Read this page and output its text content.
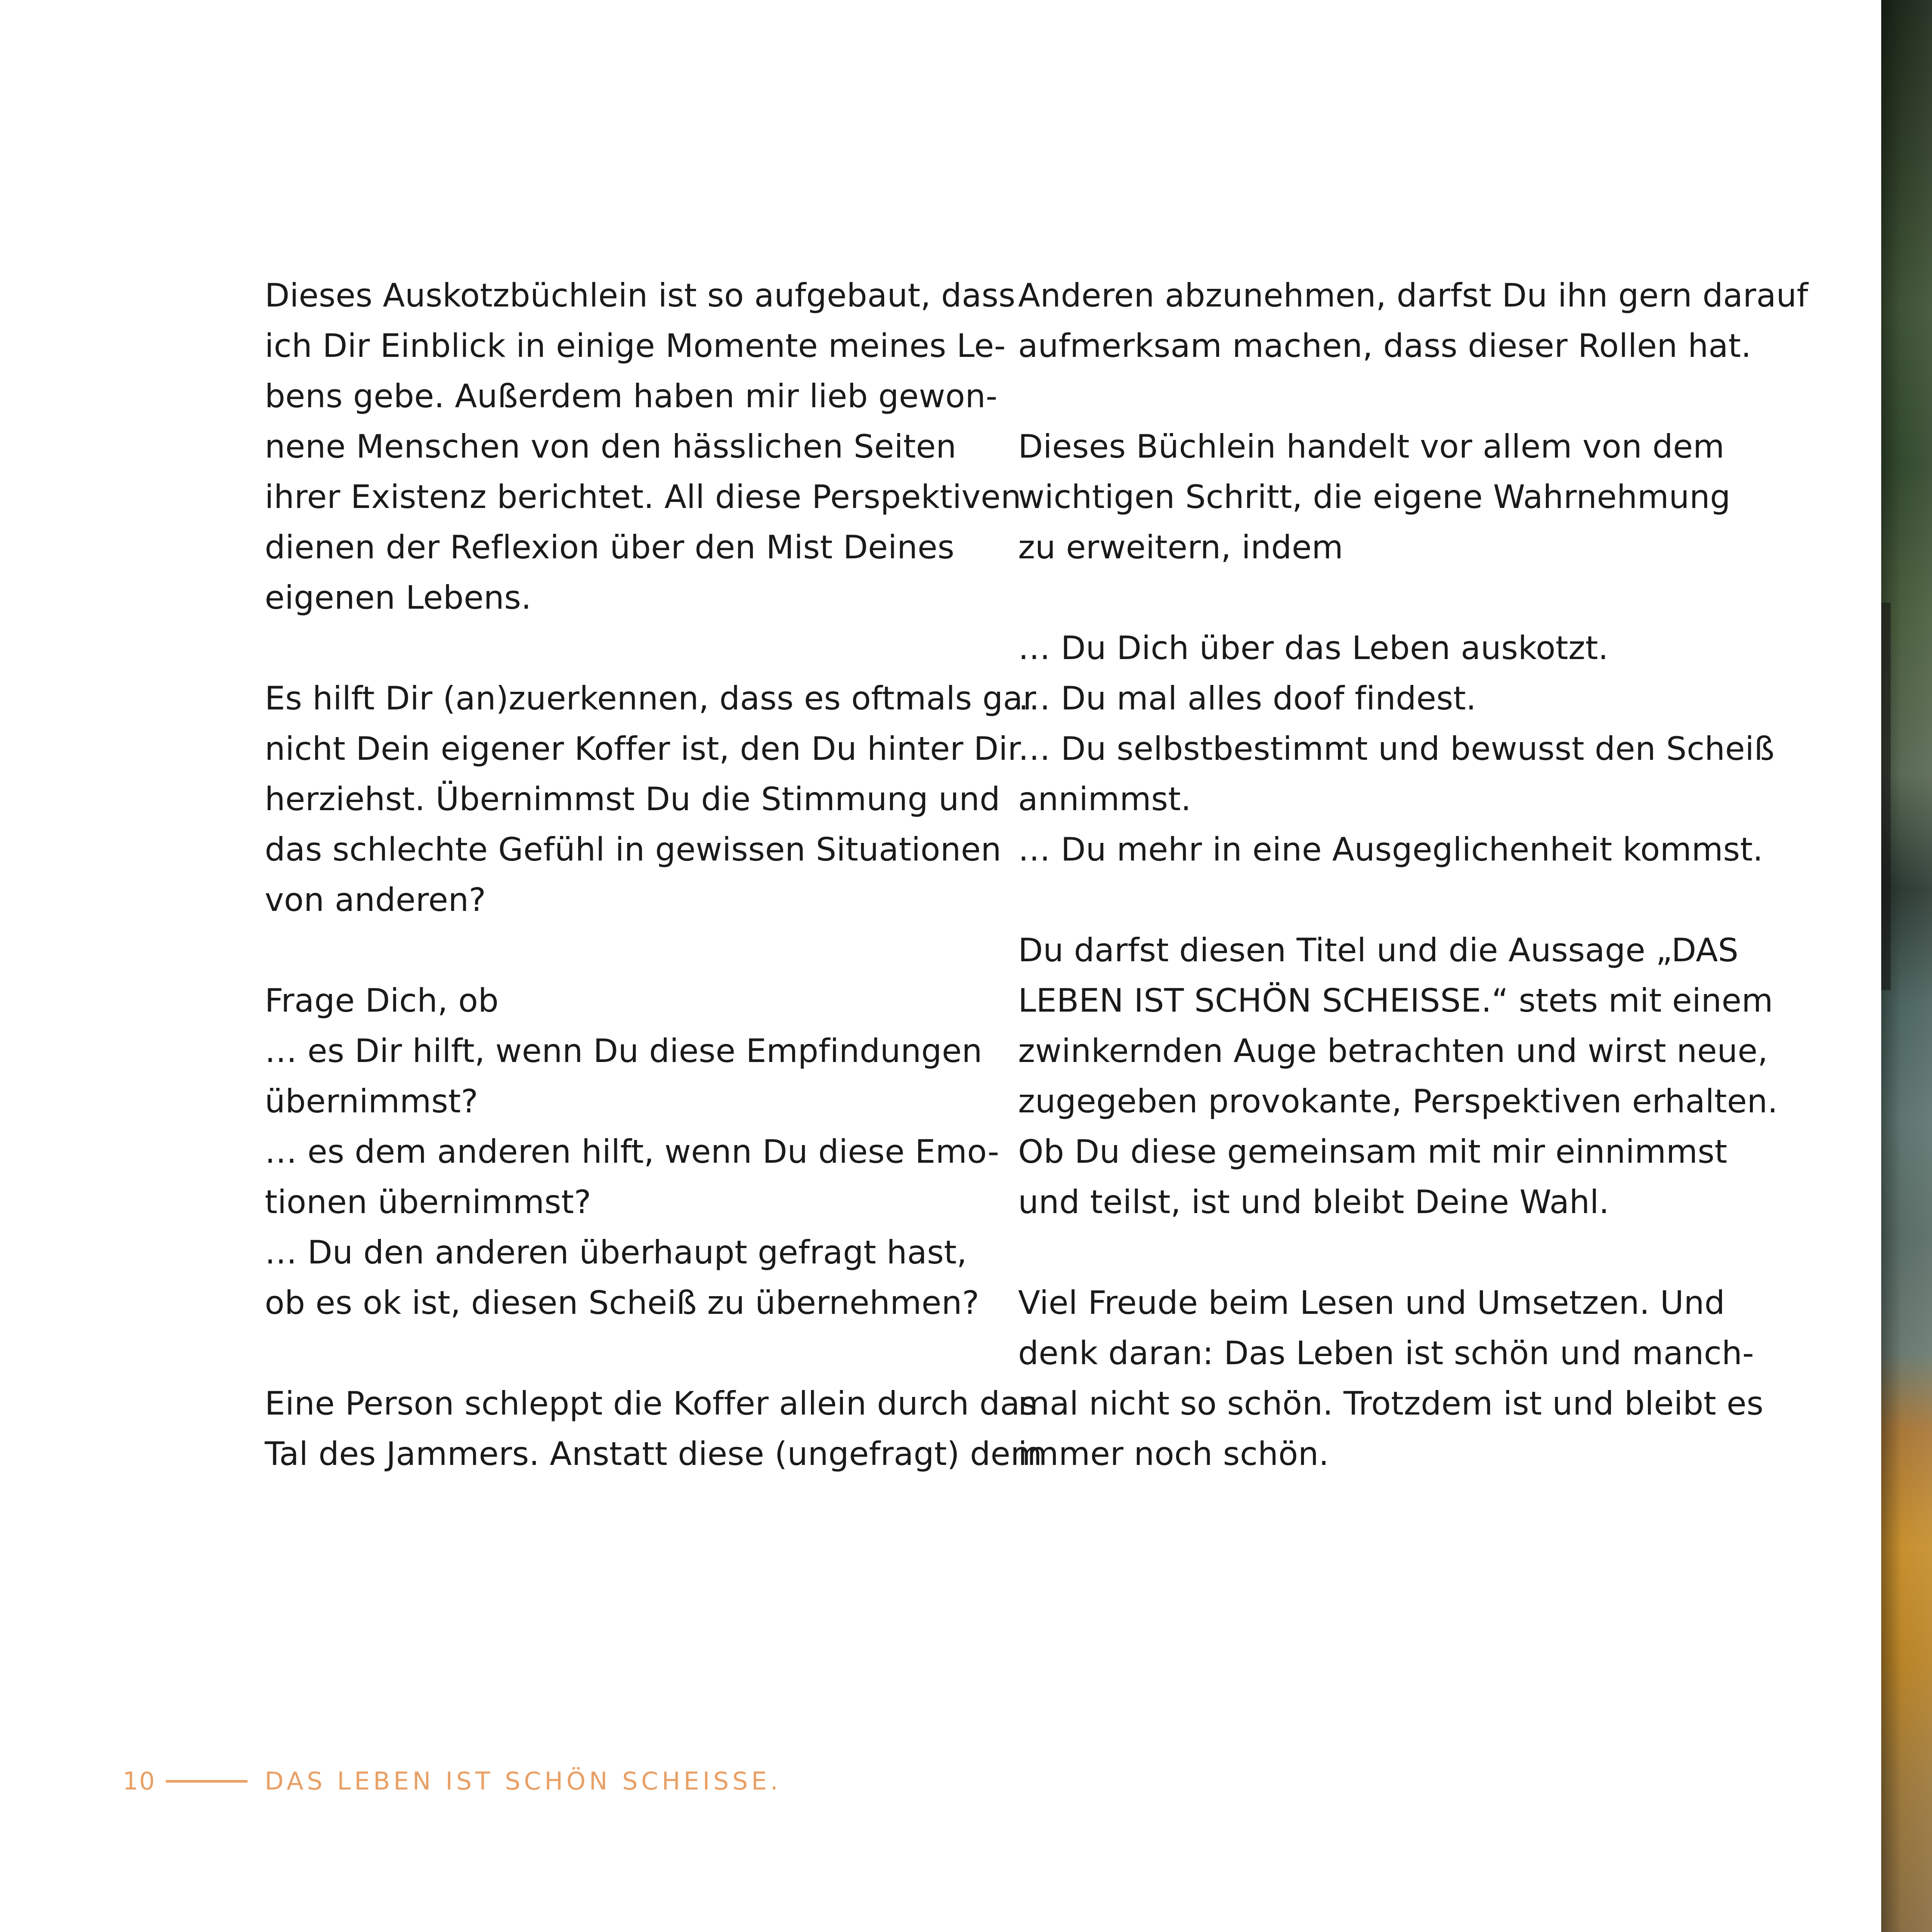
Dieses Auskotzbüchlein ist so aufgebaut, dass
ich Dir Einblick in einige Momente meines Le-
bens gebe. Außerdem haben mir lieb gewon-
nene Menschen von den hässlichen Seiten
ihrer Existenz berichtet. All diese Perspektiven
dienen der Reflexion über den Mist Deines
eigenen Lebens.
Es hilft Dir (an)zuerkennen, dass es oftmals gar
nicht Dein eigener Koffer ist, den Du hinter Dir
herziehst. Übernimmst Du die Stimmung und
das schlechte Gefühl in gewissen Situationen
von anderen?
Frage Dich, ob
… es Dir hilft, wenn Du diese Empfindungen
übernimmst?
… es dem anderen hilft, wenn Du diese Emo-
tionen übernimmst?
… Du den anderen überhaupt gefragt hast,
ob es ok ist, diesen Scheiß zu übernehmen?
Eine Person schleppt die Koffer allein durch das
Tal des Jammers. Anstatt diese (ungefragt) dem
Anderen abzunehmen, darfst Du ihn gern darauf
aufmerksam machen, dass dieser Rollen hat.
Dieses Büchlein handelt vor allem von dem
wichtigen Schritt, die eigene Wahrnehmung
zu erweitern, indem
… Du Dich über das Leben auskotzt.
… Du mal alles doof findest.
… Du selbstbestimmt und bewusst den Scheiß
annimmst.
… Du mehr in eine Ausgeglichenheit kommst.
Du darfst diesen Titel und die Aussage „DAS
LEBEN IST SCHÖN SCHEISSE.“ stets mit einem
zwinkernden Auge betrachten und wirst neue,
zugegeben provokante, Perspektiven erhalten.
Ob Du diese gemeinsam mit mir einnimmst
und teilst, ist und bleibt Deine Wahl.
Viel Freude beim Lesen und Umsetzen. Und
denk daran: Das Leben ist schön und manch-
mal nicht so schön. Trotzdem ist und bleibt es
immer noch schön.
10	DAS LEBEN IST SCHÖN SCHEISSE.
